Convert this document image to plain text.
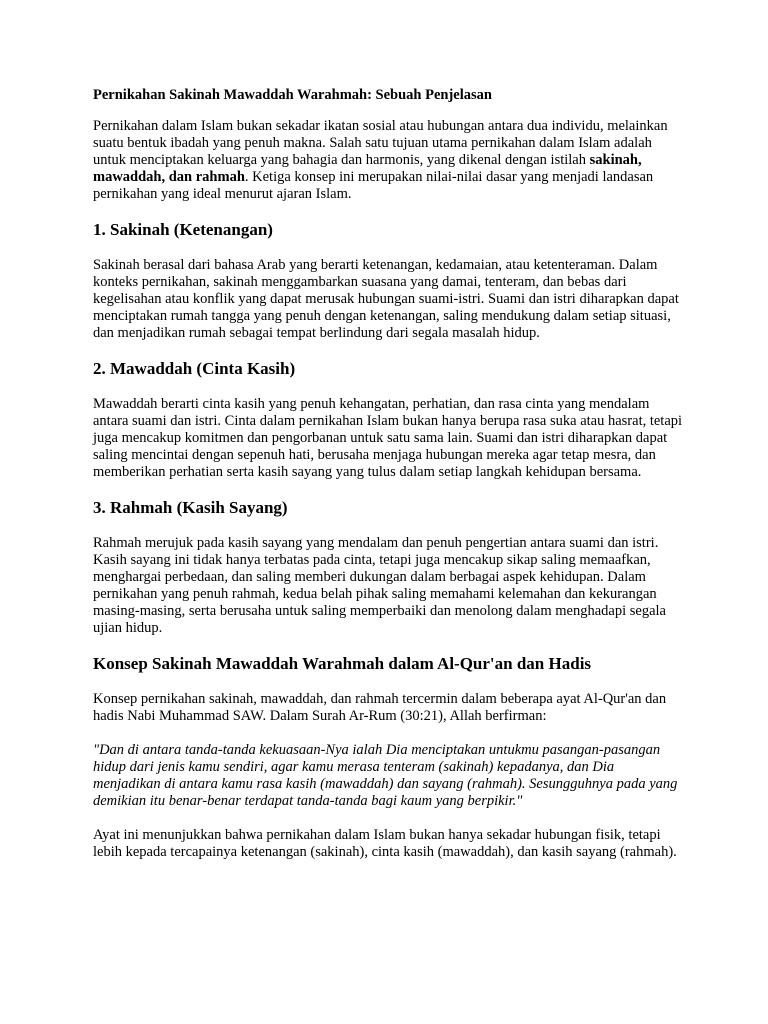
Pernikahan Sakinah Mawaddah Warahmah: Sebuah Penjelasan

Pernikahan dalam Islam bukan sekadar ikatan sosial atau hubungan antara dua individu, melainkan suatu bentuk ibadah yang penuh makna. Salah satu tujuan utama pernikahan dalam Islam adalah untuk menciptakan keluarga yang bahagia dan harmonis, yang dikenal dengan istilah sakinah, mawaddah, dan rahmah. Ketiga konsep ini merupakan nilai-nilai dasar yang menjadi landasan pernikahan yang ideal menurut ajaran Islam.

1. Sakinah (Ketenangan)

Sakinah berasal dari bahasa Arab yang berarti ketenangan, kedamaian, atau ketenteraman. Dalam konteks pernikahan, sakinah menggambarkan suasana yang damai, tenteram, dan bebas dari kegelisahan atau konflik yang dapat merusak hubungan suami-istri. Suami dan istri diharapkan dapat menciptakan rumah tangga yang penuh dengan ketenangan, saling mendukung dalam setiap situasi, dan menjadikan rumah sebagai tempat berlindung dari segala masalah hidup.

2. Mawaddah (Cinta Kasih)

Mawaddah berarti cinta kasih yang penuh kehangatan, perhatian, dan rasa cinta yang mendalam antara suami dan istri. Cinta dalam pernikahan Islam bukan hanya berupa rasa suka atau hasrat, tetapi juga mencakup komitmen dan pengorbanan untuk satu sama lain. Suami dan istri diharapkan dapat saling mencintai dengan sepenuh hati, berusaha menjaga hubungan mereka agar tetap mesra, dan memberikan perhatian serta kasih sayang yang tulus dalam setiap langkah kehidupan bersama.

3. Rahmah (Kasih Sayang)

Rahmah merujuk pada kasih sayang yang mendalam dan penuh pengertian antara suami dan istri. Kasih sayang ini tidak hanya terbatas pada cinta, tetapi juga mencakup sikap saling memaafkan, menghargai perbedaan, dan saling memberi dukungan dalam berbagai aspek kehidupan. Dalam pernikahan yang penuh rahmah, kedua belah pihak saling memahami kelemahan dan kekurangan masing-masing, serta berusaha untuk saling memperbaiki dan menolong dalam menghadapi segala ujian hidup.

Konsep Sakinah Mawaddah Warahmah dalam Al-Qur'an dan Hadis

Konsep pernikahan sakinah, mawaddah, dan rahmah tercermin dalam beberapa ayat Al-Qur'an dan hadis Nabi Muhammad SAW. Dalam Surah Ar-Rum (30:21), Allah berfirman:

"Dan di antara tanda-tanda kekuasaan-Nya ialah Dia menciptakan untukmu pasangan-pasangan hidup dari jenis kamu sendiri, agar kamu merasa tenteram (sakinah) kepadanya, dan Dia menjadikan di antara kamu rasa kasih (mawaddah) dan sayang (rahmah). Sesungguhnya pada yang demikian itu benar-benar terdapat tanda-tanda bagi kaum yang berpikir."

Ayat ini menunjukkan bahwa pernikahan dalam Islam bukan hanya sekadar hubungan fisik, tetapi lebih kepada tercapainya ketenangan (sakinah), cinta kasih (mawaddah), dan kasih sayang (rahmah).
